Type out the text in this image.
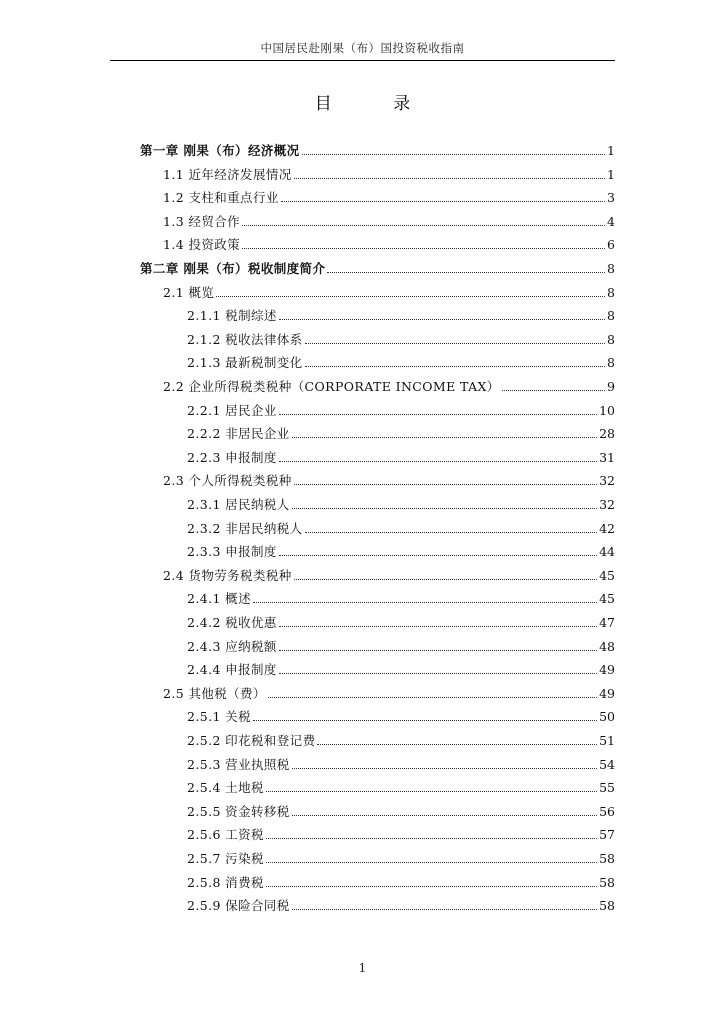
中国居民赴刚果（布）国投资税收指南
目 录
第一章 刚果（布）经济概况	1
1.1 近年经济发展情况	1
1.2 支柱和重点行业	3
1.3 经贸合作	4
1.4 投资政策	6
第二章 刚果（布）税收制度简介	8
2.1 概览	8
2.1.1 税制综述	8
2.1.2 税收法律体系	8
2.1.3 最新税制变化	8
2.2 企业所得税类税种（CORPORATE INCOME TAX）	9
2.2.1 居民企业	10
2.2.2 非居民企业	28
2.2.3 申报制度	31
2.3 个人所得税类税种	32
2.3.1 居民纳税人	32
2.3.2 非居民纳税人	42
2.3.3 申报制度	44
2.4 货物劳务税类税种	45
2.4.1 概述	45
2.4.2 税收优惠	47
2.4.3 应纳税额	48
2.4.4 申报制度	49
2.5 其他税（费）	49
2.5.1 关税	50
2.5.2 印花税和登记费	51
2.5.3 营业执照税	54
2.5.4 土地税	55
2.5.5 资金转移税	56
2.5.6 工资税	57
2.5.7 污染税	58
2.5.8 消费税	58
2.5.9 保险合同税	58
1
